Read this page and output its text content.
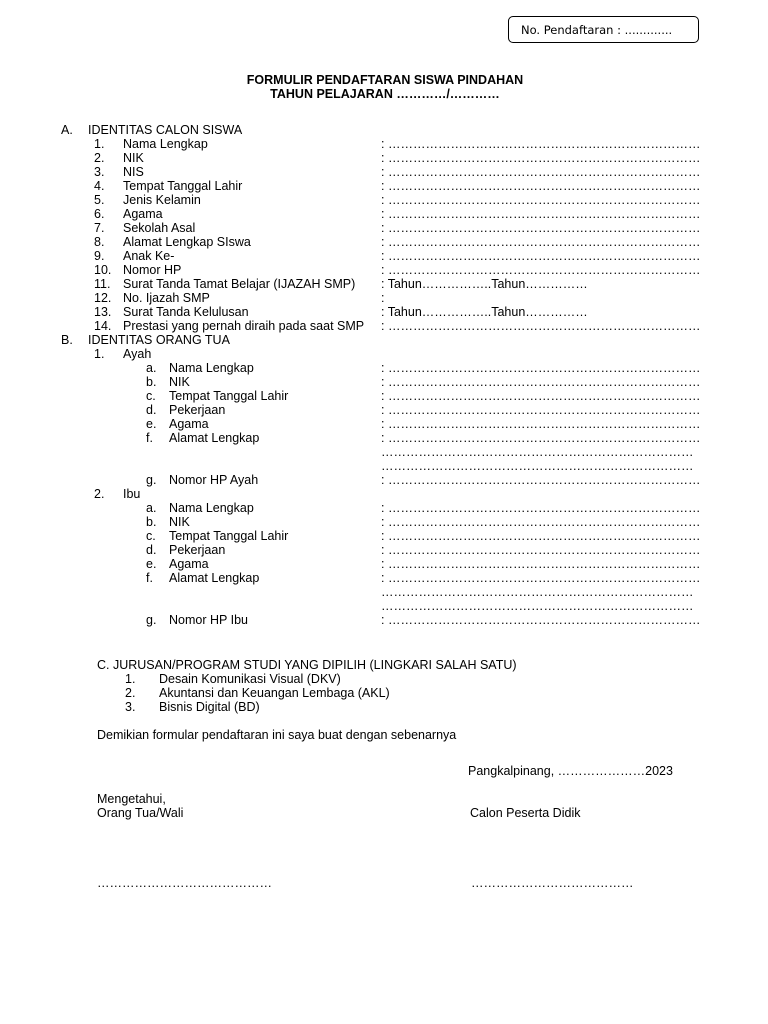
No. Pendaftaran : .............
FORMULIR PENDAFTARAN SISWA PINDAHAN
TAHUN PELAJARAN …………/…………
A. IDENTITAS CALON SISWA
1. Nama Lengkap	: …………………………………………………………………
2. NIK	: …………………………………………………………………
3. NIS	: …………………………………………………………………
4. Tempat Tanggal Lahir	: …………………………………………………………………
5. Jenis Kelamin	: …………………………………………………………………
6. Agama	: …………………………………………………………………
7. Sekolah Asal	: …………………………………………………………………
8. Alamat Lengkap SIswa	: …………………………………………………………………
9. Anak Ke-	: …………………………………………………………………
10. Nomor HP	: …………………………………………………………………
11. Surat Tanda Tamat Belajar (IJAZAH SMP) : Tahun……………..Tahun……………
12. No. Ijazah SMP	:
13. Surat Tanda Kelulusan	: Tahun……………..Tahun……………
14. Prestasi yang pernah diraih pada saat SMP : …………………………………………………………………
B. IDENTITAS ORANG TUA
1. Ayah
a. Nama Lengkap	: …………………………………………………………………
b. NIK	: …………………………………………………………………
c. Tempat Tanggal Lahir	: …………………………………………………………………
d. Pekerjaan	: …………………………………………………………………
e. Agama	: …………………………………………………………………
f. Alamat Lengkap	: …………………………………………………………………
…………………………………………………………………
…………………………………………………………………
g. Nomor HP Ayah	: …………………………………………………………………
2. Ibu
a. Nama Lengkap	: …………………………………………………………………
b. NIK	: …………………………………………………………………
c. Tempat Tanggal Lahir	: …………………………………………………………………
d. Pekerjaan	: …………………………………………………………………
e. Agama	: …………………………………………………………………
f. Alamat Lengkap	: …………………………………………………………………
…………………………………………………………………
…………………………………………………………………
g. Nomor HP Ibu	: …………………………………………………………………
C. JURUSAN/PROGRAM STUDI YANG DIPILIH (LINGKARI SALAH SATU)
1. Desain Komunikasi Visual (DKV)
2. Akuntansi dan Keuangan Lembaga (AKL)
3. Bisnis Digital (BD)
Demikian formular pendaftaran ini saya buat dengan sebenarnya
Pangkalpinang, …………………2023
Mengetahui,
Orang Tua/Wali	Calon Peserta Didik
……………………………………	…………………………………
